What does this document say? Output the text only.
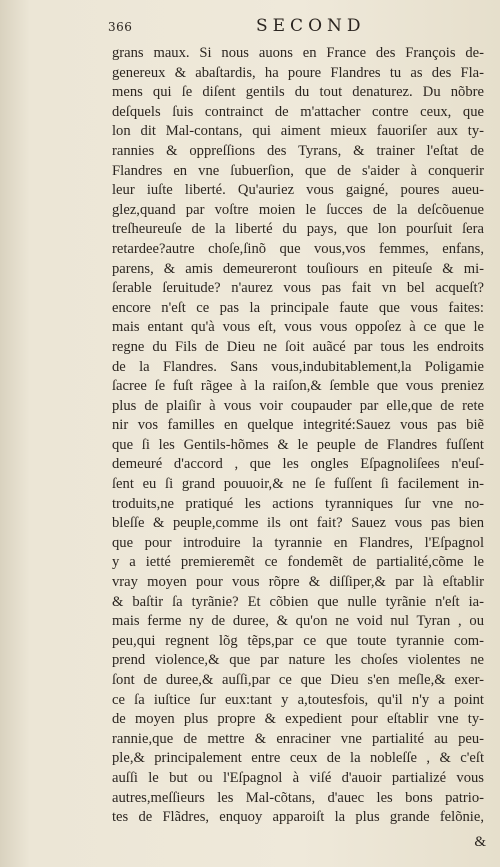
366	SECOND
grans maux. Si nous auons en France des François de-
genereux & abaſtardis, ha poure Flandres tu as des Fla-
mens qui ſe diſent gentils du tout denaturez. Du nõbre
deſquels ſuis contrainct de m'attacher contre ceux, que
lon dit Mal-contans, qui aiment mieux fauoriſer aux ty-
rannies & oppreſſions des Tyrans, & trainer l'eſtat de
Flandres en vne ſubuerſion, que de s'aider à conquerir
leur iuſte liberté. Qu'auriez vous gaigné, poures aueu-
glez,quand par voſtre moien le ſucces de la deſcõuenue
treſheureuſe de la liberté du pays, que lon pourſuit ſera
retardee?autre choſe,ſinõ que vous,vos femmes, enfans,
parens, & amis demeureront touſiours en piteuſe & mi-
ſerable ſeruitude? n'aurez vous pas fait vn bel acqueſt?
encore n'eſt ce pas la principale faute que vous faites:
mais entant qu'à vous eſt, vous vous oppoſez à ce que le
regne du Fils de Dieu ne ſoit auãcé par tous les endroits
de la Flandres. Sans vous,indubitablement,la Poligamie
ſacree ſe fuſt rãgee à la raiſon,& ſemble que vous preniez
plus de plaiſir à vous voir coupauder par elle,que de rete
nir vos familles en quelque integrité:Sauez vous pas biẽ
que ſi les Gentils-hõmes & le peuple de Flandres fuſſent
demeuré d'accord , que les ongles Eſpagnoliſees n'euſ-
ſent eu ſi grand pouuoir,& ne ſe fuſſent ſi facilement in-
troduits,ne pratiqué les actions tyranniques ſur vne no-
bleſſe & peuple,comme ils ont fait? Sauez vous pas bien
que pour introduire la tyrannie en Flandres, l'Eſpagnol
y a ietté premieremẽt ce fondemẽt de partialité,cõme le
vray moyen pour vous rõpre & diſſiper,& par là eſtablir
& baſtir ſa tyrãnie? Et cõbien que nulle tyrãnie n'eſt ia-
mais ferme ny de duree, & qu'on ne void nul Tyran , ou
peu,qui regnent lõg tẽps,par ce que toute tyrannie com-
prend violence,& que par nature les choſes violentes ne
ſont de duree,& auſſi,par ce que Dieu s'en meſle,& exer-
ce ſa iuſtice ſur eux:tant y a,toutesfois, qu'il n'y a point
de moyen plus propre & expedient pour eſtablir vne ty-
rannie,que de mettre & enraciner vne partialité au peu-
ple,& principalement entre ceux de la nobleſſe , & c'eſt
auſſi le but ou l'Eſpagnol à viſé d'auoir partializé vous
autres,meſſieurs les Mal-cõtans, d'auec les bons patrio-
tes de Flãdres, enquoy apparoiſt la plus grande felõnie,
&
